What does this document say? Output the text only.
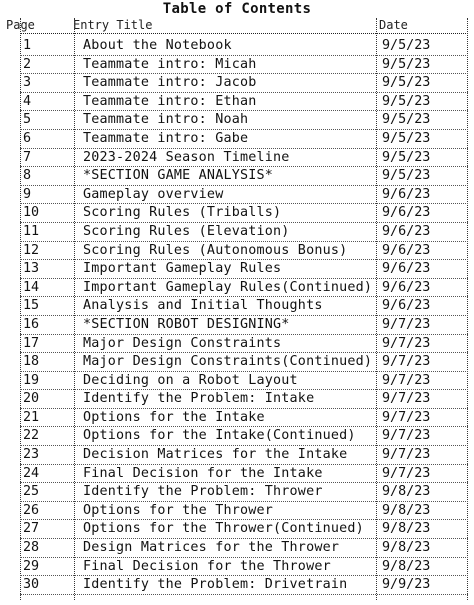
Table of Contents
Page	Entry Title	Date
1	About the Notebook	9/5/23
2	Teammate intro: Micah	9/5/23
3	Teammate intro: Jacob	9/5/23
4	Teammate intro: Ethan	9/5/23
5	Teammate intro: Noah	9/5/23
6	Teammate intro: Gabe	9/5/23
7	2023-2024 Season Timeline	9/5/23
8	*SECTION GAME ANALYSIS*	9/5/23
9	Gameplay overview	9/6/23
10	Scoring Rules (Triballs)	9/6/23
11	Scoring Rules (Elevation)	9/6/23
12	Scoring Rules (Autonomous Bonus)	9/6/23
13	Important Gameplay Rules	9/6/23
14	Important Gameplay Rules(Continued) 9/6/23
15	Analysis and Initial Thoughts	9/6/23
16	*SECTION ROBOT DESIGNING*	9/7/23
17	Major Design Constraints	9/7/23
18	Major Design Constraints(Continued) 9/7/23
19	Deciding on a Robot Layout	9/7/23
20	Identify the Problem: Intake	9/7/23
21	Options for the Intake	9/7/23
22	Options for the Intake(Continued) 9/7/23
23	Decision Matrices for the Intake	9/7/23
24	Final Decision for the Intake	9/7/23
25	Identify the Problem: Thrower	9/8/23
26	Options for the Thrower	9/8/23
27	Options for the Thrower(Continued) 9/8/23
28	Design Matrices for the Thrower	9/8/23
29	Final Decision for the Thrower	9/8/23
30	Identify the Problem: Drivetrain	9/9/23
